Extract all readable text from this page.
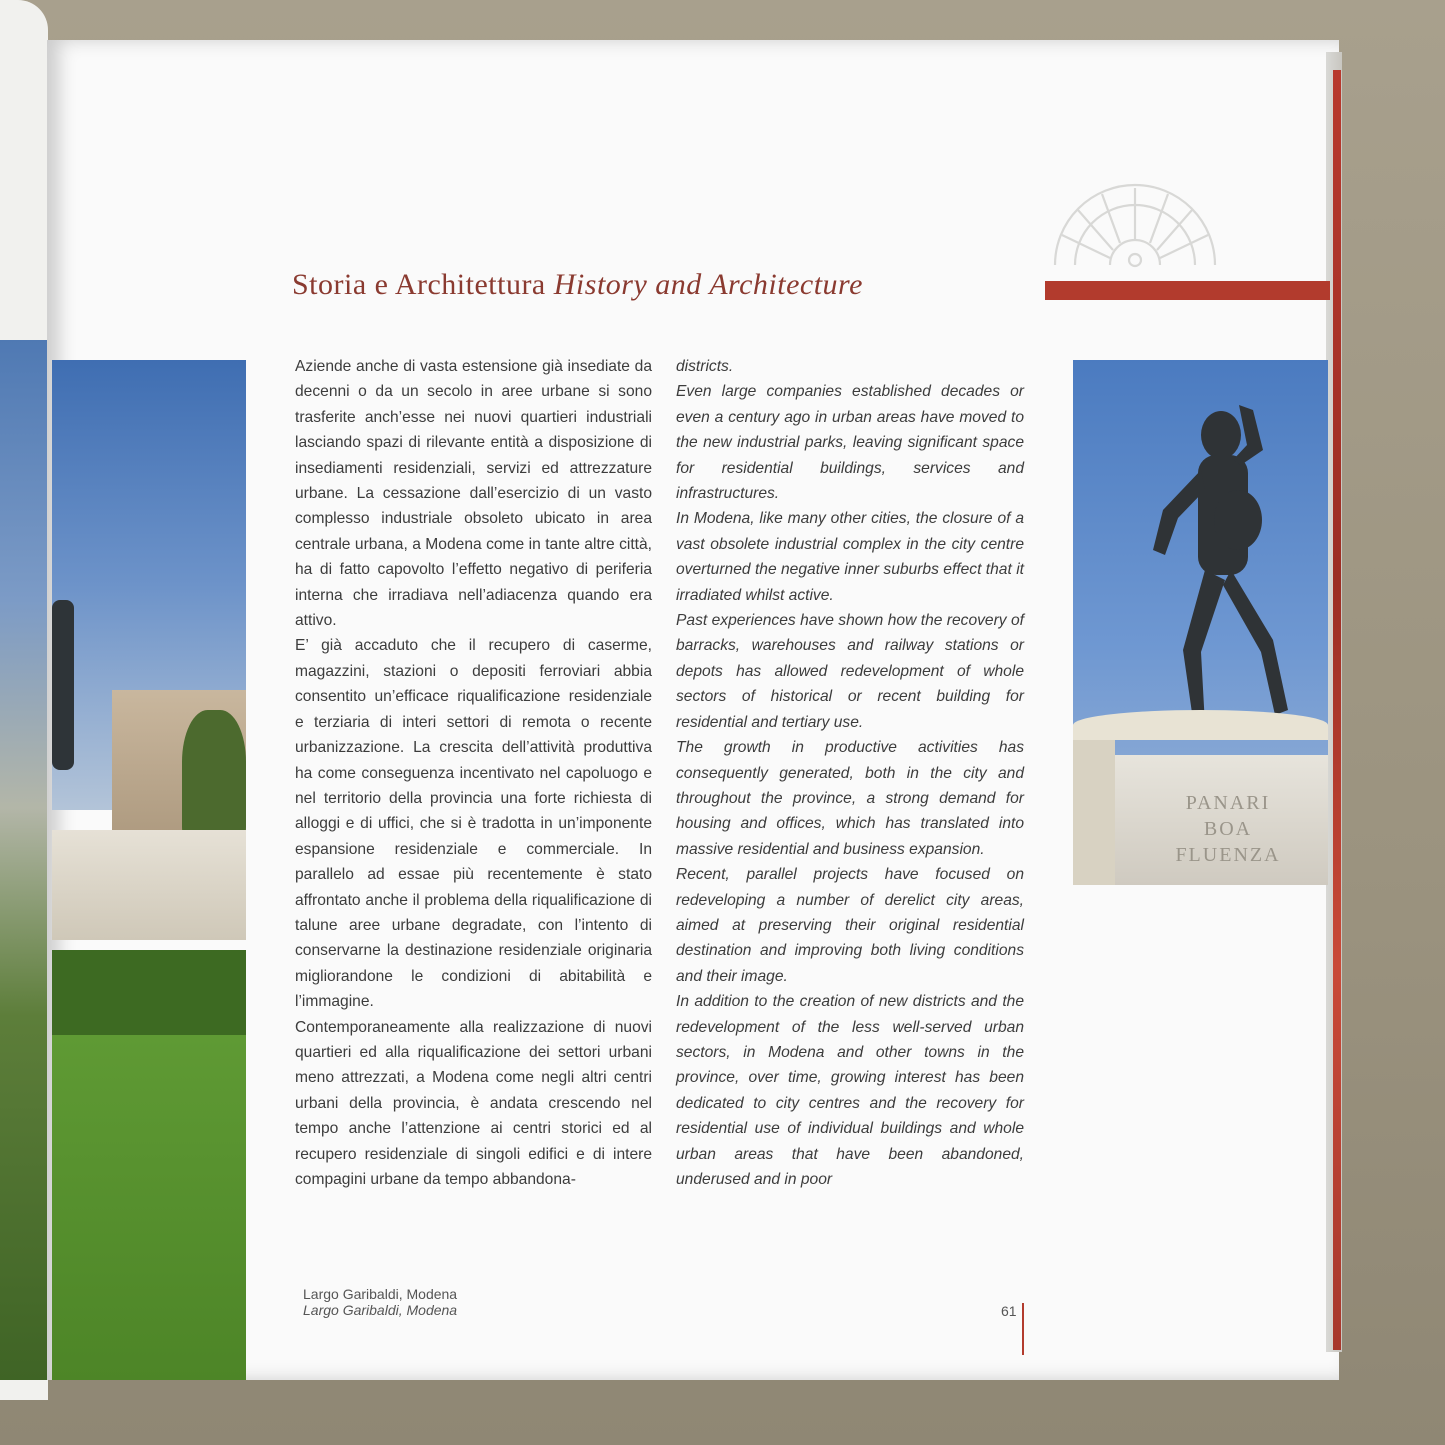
PANARI
BOA
FLUENZA
Storia e Architettura History and Architecture

Aziende anche di vasta estensione già insediate da decenni o da un secolo in aree urbane si sono trasferite anch’esse nei nuovi quartieri industriali lasciando spazi di rilevante entità a disposizione di insediamenti residenziali, servizi ed attrezzature urbane. La cessazione dall’esercizio di un vasto complesso industriale obsoleto ubicato in area centrale urbana, a Modena come in tante altre città, ha di fatto capovolto l’effetto negativo di periferia interna che irradiava nell’adiacenza quando era attivo.

E’ già accaduto che il recupero di caserme, magazzini, stazioni o depositi ferroviari abbia consentito un’efficace riqualificazione residenziale e terziaria di interi settori di remota o recente urbanizzazione. La crescita dell’attività produttiva ha come conseguenza incentivato nel capoluogo e nel territorio della provincia una forte richiesta di alloggi e di uffici, che si è tradotta in un’imponente espansione residenziale e commerciale. In parallelo ad essae più recentemente è stato affrontato anche il problema della riqualificazione di talune aree urbane degradate, con l’intento di conservarne la destinazione residenziale originaria migliorandone le condizioni di abitabilità e l’immagine.

Contemporaneamente alla realizzazione di nuovi quartieri ed alla riqualificazione dei settori urbani meno attrezzati, a Modena come negli altri centri urbani della provincia, è andata crescendo nel tempo anche l’attenzione ai centri storici ed al recupero residenziale di singoli edifici e di intere compagini urbane da tempo abbandona-

districts.

Even large companies established decades or even a century ago in urban areas have moved to the new industrial parks, leaving significant space for residential buildings, services and infrastructures.

In Modena, like many other cities, the closure of a vast obsolete industrial complex in the city centre overturned the negative inner suburbs effect that it irradiated whilst active.

Past experiences have shown how the recovery of barracks, warehouses and railway stations or depots has allowed redevelopment of whole sectors of historical or recent building for residential and tertiary use.

The growth in productive activities has consequently generated, both in the city and throughout the province, a strong demand for housing and offices, which has translated into massive residential and business expansion.

Recent, parallel projects have focused on redeveloping a number of derelict city areas, aimed at preserving their original residential destination and improving both living conditions and their image.

In addition to the creation of new districts and the redevelopment of the less well-served urban sectors, in Modena and other towns in the province, over time, growing interest has been dedicated to city centres and the recovery for residential use of individual buildings and whole urban areas that have been abandoned, underused and in poor

Largo Garibaldi, Modena
Largo Garibaldi, Modena	61
